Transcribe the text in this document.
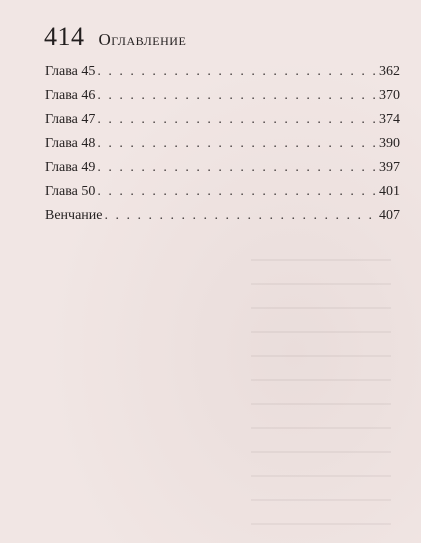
414 Оглавление
Глава 45 . . .	362
Глава 46 . . .	370
Глава 47 . . .	374
Глава 48 . . .	390
Глава 49 . . .	397
Глава 50 . . .	401
Венчание . . .	407
